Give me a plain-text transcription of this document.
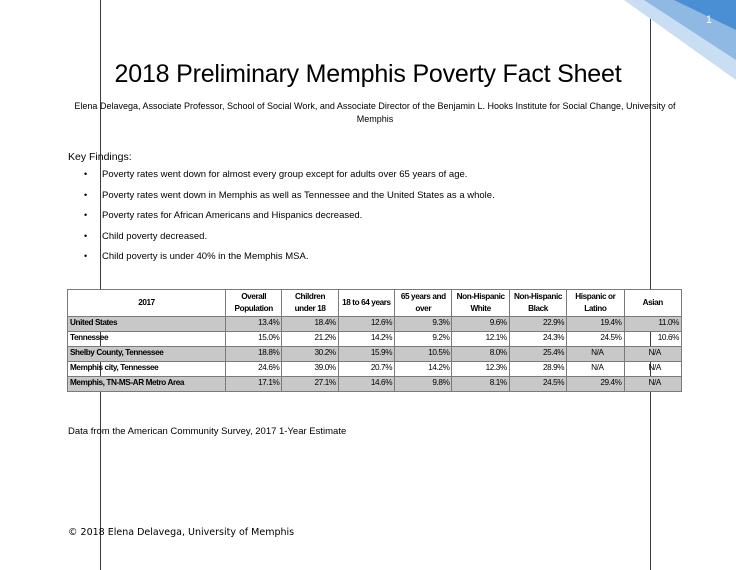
1
2018 Preliminary Memphis Poverty Fact Sheet
Elena Delavega, Associate Professor, School of Social Work, and Associate Director of the Benjamin L. Hooks Institute for Social Change, University of Memphis
Key Findings:
• Poverty rates went down for almost every group except for adults over 65 years of age.
• Poverty rates went down in Memphis as well as Tennessee and the United States as a whole.
• Poverty rates for African Americans and Hispanics decreased.
• Child poverty decreased.
• Child poverty is under 40% in the Memphis MSA.
2017	Overall Population	Children under 18	18 to 64 years	65 years and over	Non-Hispanic White	Non-Hispanic Black	Hispanic or Latino	Asian
United States	13.4%	18.4%	12.6%	9.3%	9.6%	22.9%	19.4%	11.0%
Tennessee	15.0%	21.2%	14.2%	9.2%	12.1%	24.3%	24.5%	10.6%
Shelby County, Tennessee	18.8%	30.2%	15.9%	10.5%	8.0%	25.4%	N/A	N/A
Memphis city, Tennessee	24.6%	39.0%	20.7%	14.2%	12.3%	28.9%	N/A	N/A
Memphis, TN-MS-AR Metro Area	17.1%	27.1%	14.6%	9.8%	8.1%	24.5%	29.4%	N/A
Data from the American Community Survey, 2017 1-Year Estimate
© 2018 Elena Delavega, University of Memphis
